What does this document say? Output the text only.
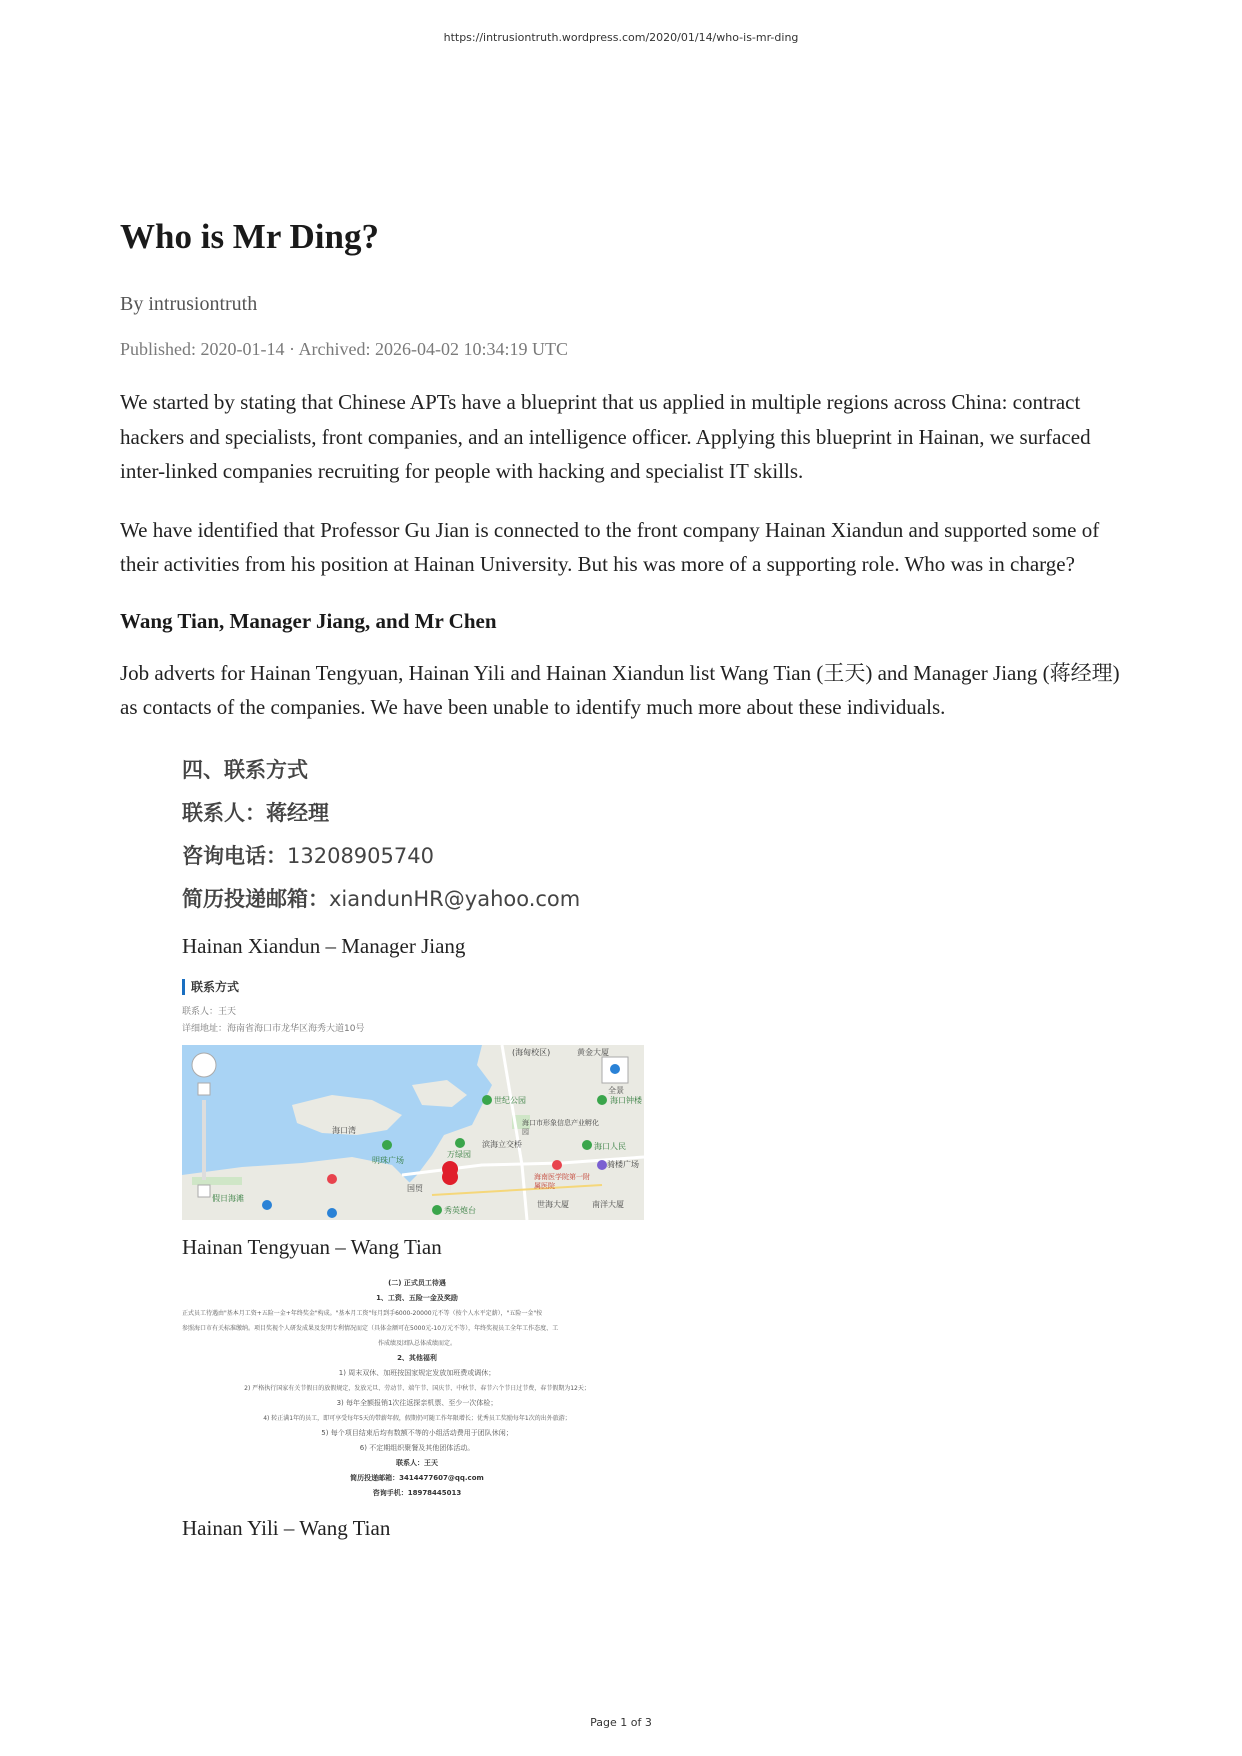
https://intrusiontruth.wordpress.com/2020/01/14/who-is-mr-ding
Who is Mr Ding?
By intrusiontruth
Published: 2020-01-14 · Archived: 2026-04-02 10:34:19 UTC

We started by stating that Chinese APTs have a blueprint that us applied in multiple regions across China: contract hackers and specialists, front companies, and an intelligence officer. Applying this blueprint in Hainan, we surfaced inter-linked companies recruiting for people with hacking and specialist IT skills.

We have identified that Professor Gu Jian is connected to the front company Hainan Xiandun and supported some of their activities from his position at Hainan University. But his was more of a supporting role. Who was in charge?

Wang Tian, Manager Jiang, and Mr Chen

Job adverts for Hainan Tengyuan, Hainan Yili and Hainan Xiandun list Wang Tian (王天) and Manager Jiang (蒋经理) as contacts of the companies. We have been unable to identify much more about these individuals.

四、联系方式
联系人：蒋经理
咨询电话：13208905740
简历投递邮箱：xiandunHR@yahoo.com
Hainan Xiandun – Manager Jiang
联系方式
联系人：王天
详细地址：海南省海口市龙华区海秀大道10号
(海甸校区)	黄金大厦
世纪公园	海口钟楼
全景
海口市形象信息产业孵化园
滨海立交桥	海口人民
万绿园
海南医学院第一附属医院
骑楼广场
海口湾
假日海滩
明珠广场
国贸
秀英炮台
世海大厦	南洋大厦
Hainan Tengyuan – Wang Tian
(二) 正式员工待遇
1、工资、五险一金及奖励
正式员工待遇由"基本月工资+五险一金+年终奖金"构成。"基本月工资"每月到手6000-20000元不等（按个人水平定薪），"五险一金"按
参照海口市有关标准缴纳。项目奖视个人研发成果及发明专利情况而定（具体金额可在5000元-10万元不等），年终奖视员工全年工作态度、工
作成绩及团队总体成绩而定。
2、其他福利
1) 周末双休、加班按国家规定发放加班费或调休；
2) 严格执行国家有关节假日的放假规定，发放元旦、劳动节、端午节、国庆节、中秋节、春节六个节日过节费，春节假期为12天；
3) 每年全额报销1次往返探亲机票、至少一次体检；
4) 转正满1年的员工，即可享受每年5天的带薪年假，假期仍可随工作年限增长；优秀员工奖励每年1次的出外旅游；
5) 每个项目结束后均有数额不等的小组活动费用于团队休闲；
6) 不定期组织聚餐及其他团体活动。
联系人：王天
简历投递邮箱：3414477607@qq.com
咨询手机：18978445013
Hainan Yili – Wang Tian
Page 1 of 3
